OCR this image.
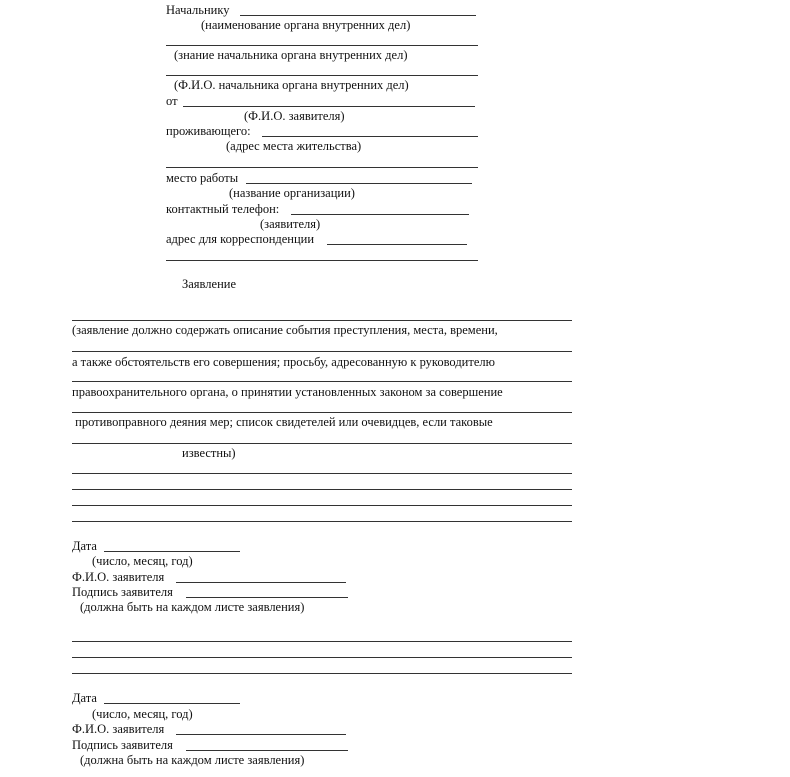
Начальнику
(наименование органа внутренних дел)
(знание начальника органа внутренних дел)
(Ф.И.О. начальника органа внутренних дел)
от
(Ф.И.О. заявителя)
проживающего:
(адрес места жительства)
место работы
(название организации)
контактный телефон:
(заявителя)
адрес для корреспонденции
Заявление
(заявление должно содержать описание события преступления, места, времени,
а также обстоятельств его совершения; просьбу, адресованную к руководителю
правоохранительного органа, о принятии установленных законом за совершение
противоправного деяния мер; список свидетелей или очевидцев, если таковые
известны)
Дата
(число, месяц, год)
Ф.И.О. заявителя
Подпись заявителя
(должна быть на каждом листе заявления)
Дата
(число, месяц, год)
Ф.И.О. заявителя
Подпись заявителя
(должна быть на каждом листе заявления)
